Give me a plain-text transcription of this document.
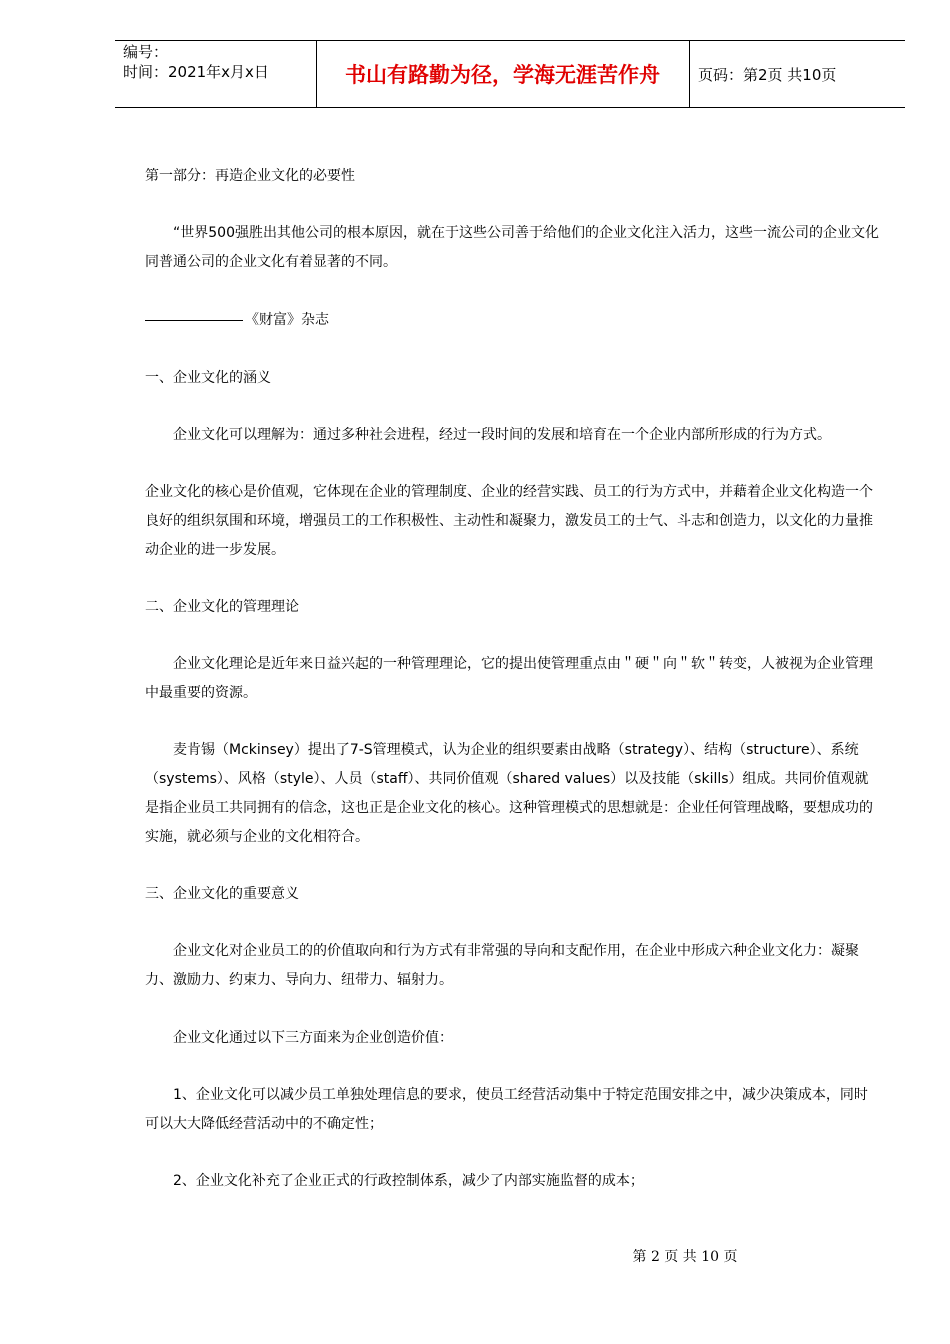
编号：
时间：2021年x月x日	书山有路勤为径，学海无涯苦作舟	页码：第2页 共10页
第一部分：再造企业文化的必要性
“世界500强胜出其他公司的根本原因，就在于这些公司善于给他们的企业文化注入活力，这些一流公司的企业文化同普通公司的企业文化有着显著的不同。
《财富》杂志
一、企业文化的涵义
企业文化可以理解为：通过多种社会进程，经过一段时间的发展和培育在一个企业内部所形成的行为方式。
企业文化的核心是价值观，它体现在企业的管理制度、企业的经营实践、员工的行为方式中，并藉着企业文化构造一个良好的组织氛围和环境，增强员工的工作积极性、主动性和凝聚力，激发员工的士气、斗志和创造力，以文化的力量推动企业的进一步发展。
二、企业文化的管理理论
企业文化理论是近年来日益兴起的一种管理理论，它的提出使管理重点由＂硬＂向＂软＂转变，人被视为企业管理中最重要的资源。
麦肯锡（Mckinsey）提出了7-S管理模式，认为企业的组织要素由战略（strategy）、结构（structure）、系统（systems）、风格（style）、人员（staff）、共同价值观（shared values）以及技能（skills）组成。共同价值观就是指企业员工共同拥有的信念，这也正是企业文化的核心。这种管理模式的思想就是：企业任何管理战略，要想成功的实施，就必须与企业的文化相符合。
三、企业文化的重要意义
企业文化对企业员工的的价值取向和行为方式有非常强的导向和支配作用，在企业中形成六种企业文化力：凝聚力、激励力、约束力、导向力、纽带力、辐射力。
企业文化通过以下三方面来为企业创造价值：
1、企业文化可以减少员工单独处理信息的要求，使员工经营活动集中于特定范围安排之中，减少决策成本，同时可以大大降低经营活动中的不确定性；
2、企业文化补充了企业正式的行政控制体系，减少了内部实施监督的成本；
第 2 页 共 10 页
